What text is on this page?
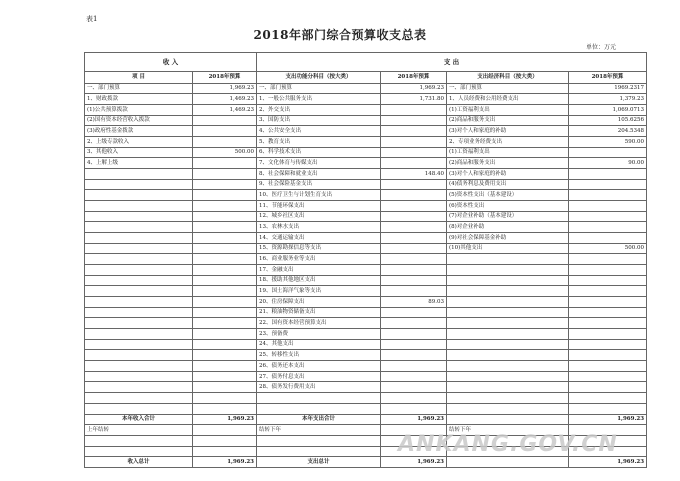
表1
2018年部门综合预算收支总表
单位：万元
收 入		支 出			
项 目	2018年预算	支出功能分科目（按大类）	2018年预算	支出经济科目（按大类）	2018年预算
一、部门预算	1,969.23	一、部门预算	1,969.23	一、部门预算	1969.2317
1、财政拨款	1,469.23	1、一般公共服务支出	1,731.80	1、人员经费和公用经费支出	1,379.23
(1)公共预算拨款	1,469.23	2、外交支出		(1)工资福利支出	1,069.0713
(2)国有资本经营收入拨款		3、国防支出		(2)商品和服务支出	105.6256
(3)政府性基金拨款		4、公共安全支出		(3)对个人和家庭的补助	204.5348
2、上级专款收入		5、教育支出		2、专项业务经费支出	590.00
3、其他收入	500.00	6、科学技术支出		(1)工资福利支出	
4、上解上级		7、文化体育与传媒支出		(2)商品和服务支出	90.00
		8、社会保障和就业支出	148.40	(3)对个人和家庭的补助	
		9、社会保险基金支出		(4)债务利息及费用支出	
		10、医疗卫生与计划生育支出		(5)资本性支出（基本建设）	
		11、节能环保支出		(6)资本性支出	
		12、城乡社区支出		(7)对企业补助（基本建设）	
		13、农林水支出		(8)对企业补助	
		14、交通运输支出		(9)对社会保障基金补助	
		15、资源勘探信息等支出		(10)其他支出	500.00
		16、商业服务业等支出			
		17、金融支出			
		18、援助其他地区支出			
		19、国土海洋气象等支出			
		20、住房保障支出	89.03		
		21、粮油物资储备支出			
		22、国有资本经营预算支出			
		23、预备费			
		24、其他支出			
		25、转移性支出			
		26、债务还本支出			
		27、债务付息支出			
		28、债务发行费用支出			

本年收入合计	1,969.23	本年支出合计	1,969.23		1,969.23
上年结转		结转下年		结转下年	

收入总计	1,969.23	支出总计	1,969.23		1,969.23
ANKANG.GOV.CN
